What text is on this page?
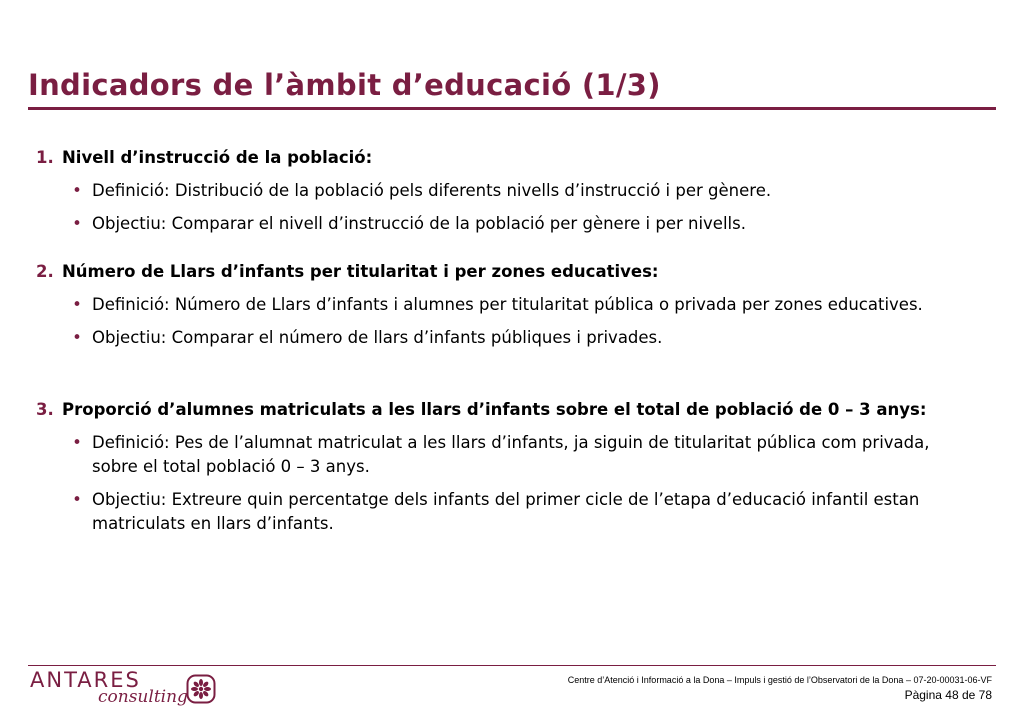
Indicadors de l’àmbit d’educació (1/3)
1. Nivell d’instrucció de la població:
• Definició: Distribució de la població pels diferents nivells d’instrucció i per gènere.
• Objectiu: Comparar el nivell d’instrucció de la població per gènere i per nivells.
2. Número de Llars d’infants per titularitat i per zones educatives:
• Definició: Número de Llars d’infants i alumnes per titularitat pública o privada per zones educatives.
• Objectiu: Comparar el número de llars d’infants públiques i privades.
3. Proporció d’alumnes matriculats a les llars d’infants sobre el total de població de 0 – 3 anys:
• Definició: Pes de l’alumnat matriculat a les llars d’infants, ja siguin de titularitat pública com privada, sobre el total població 0 – 3 anys.
• Objectiu: Extreure quin percentatge dels infants del primer cicle de l’etapa d’educació infantil estan matriculats en llars d’infants.
ANTARES
consulting
Centre d’Atenció i Informació a la Dona – Impuls i gestió de l’Observatori de la Dona – 07-20-00031-06-VF
Pàgina 48 de 78
